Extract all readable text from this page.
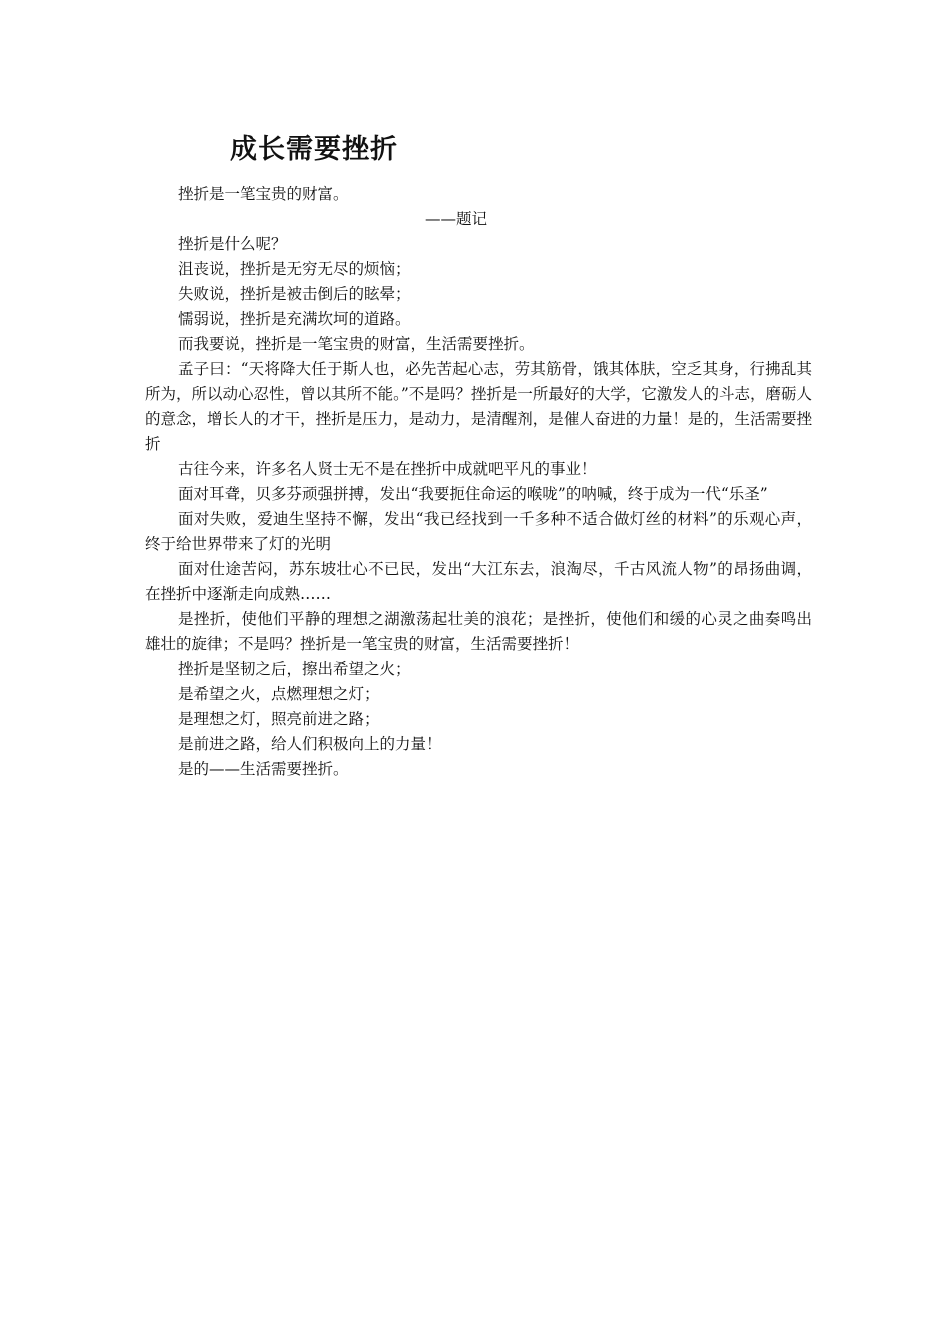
成长需要挫折

挫折是一笔宝贵的财富。

——题记

挫折是什么呢？

沮丧说，挫折是无穷无尽的烦恼；

失败说，挫折是被击倒后的眩晕；

懦弱说，挫折是充满坎坷的道路。

而我要说，挫折是一笔宝贵的财富，生活需要挫折。

孟子曰：“天将降大任于斯人也，必先苦起心志，劳其筋骨，饿其体肤，空乏其身，行拂乱其所为，所以动心忍性，曾以其所不能。”不是吗？挫折是一所最好的大学，它激发人的斗志，磨砺人的意念，增长人的才干，挫折是压力，是动力，是清醒剂，是催人奋进的力量！是的，生活需要挫折

古往今来，许多名人贤士无不是在挫折中成就吧平凡的事业！

面对耳聋，贝多芬顽强拼搏，发出“我要扼住命运的喉咙”的呐喊，终于成为一代“乐圣”

面对失败，爱迪生坚持不懈，发出“我已经找到一千多种不适合做灯丝的材料”的乐观心声，终于给世界带来了灯的光明

面对仕途苦闷，苏东坡壮心不已民，发出“大江东去，浪淘尽，千古风流人物”的昂扬曲调，在挫折中逐渐走向成熟……

是挫折，使他们平静的理想之湖激荡起壮美的浪花；是挫折，使他们和缓的心灵之曲奏鸣出雄壮的旋律；不是吗？挫折是一笔宝贵的财富，生活需要挫折！

挫折是坚韧之后，擦出希望之火；

是希望之火，点燃理想之灯；

是理想之灯，照亮前进之路；

是前进之路，给人们积极向上的力量！

是的——生活需要挫折。
